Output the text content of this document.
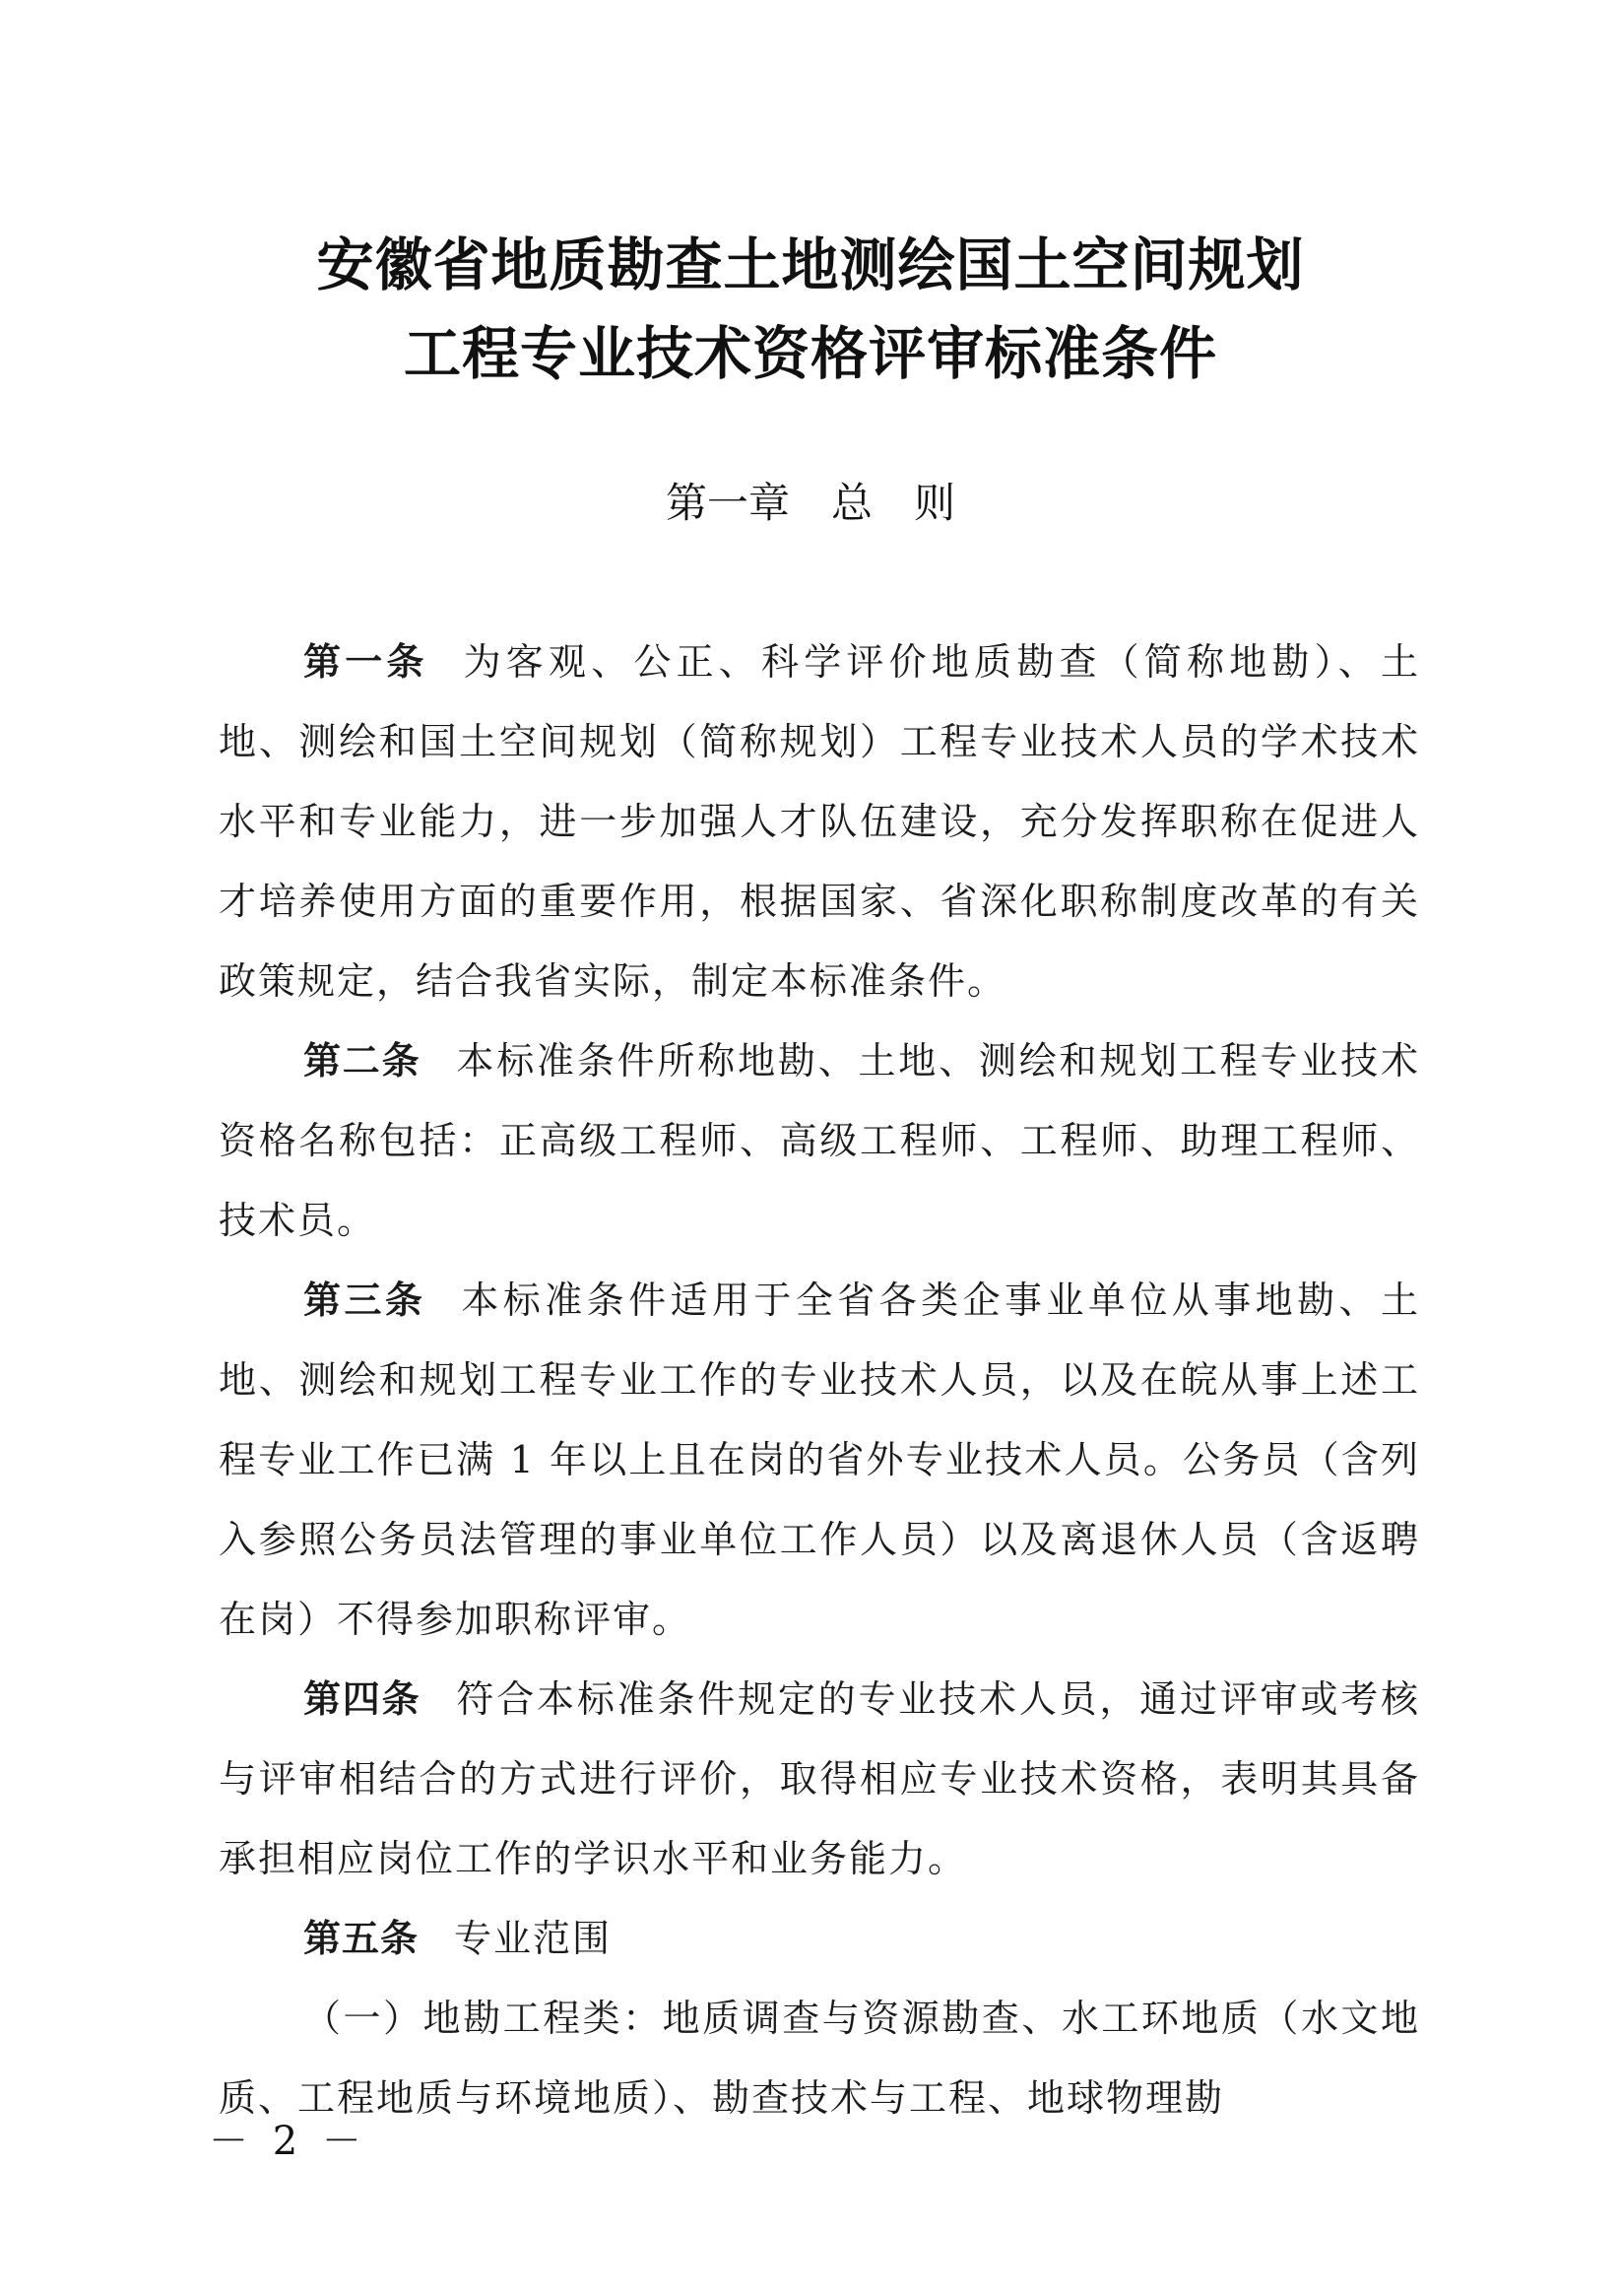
安徽省地质勘查土地测绘国土空间规划
工程专业技术资格评审标准条件
第一章 总　则

第一条 为客观、公正、科学评价地质勘查（简称地勘）、土地、测绘和国土空间规划（简称规划）工程专业技术人员的学术技术水平和专业能力，进一步加强人才队伍建设，充分发挥职称在促进人才培养使用方面的重要作用，根据国家、省深化职称制度改革的有关政策规定，结合我省实际，制定本标准条件。

第二条 本标准条件所称地勘、土地、测绘和规划工程专业技术资格名称包括：正高级工程师、高级工程师、工程师、助理工程师、技术员。

第三条 本标准条件适用于全省各类企事业单位从事地勘、土地、测绘和规划工程专业工作的专业技术人员，以及在皖从事上述工程专业工作已满 1 年以上且在岗的省外专业技术人员。公务员（含列入参照公务员法管理的事业单位工作人员）以及离退休人员（含返聘在岗）不得参加职称评审。

第四条 符合本标准条件规定的专业技术人员，通过评审或考核与评审相结合的方式进行评价，取得相应专业技术资格，表明其具备承担相应岗位工作的学识水平和业务能力。

第五条 专业范围

（一）地勘工程类：地质调查与资源勘查、水工环地质（水文地质、工程地质与环境地质）、勘查技术与工程、地球物理勘

－ 2 －
